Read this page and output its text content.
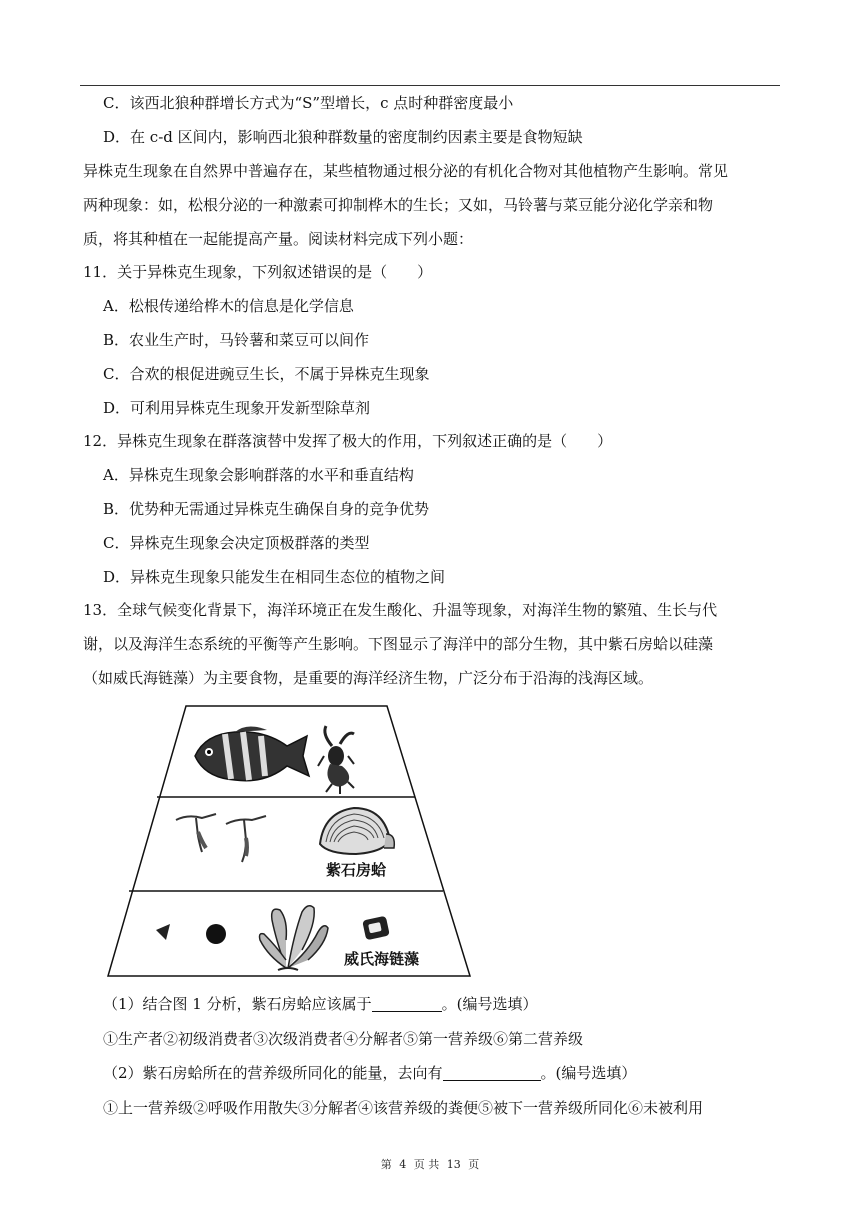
C．该西北狼种群增长方式为“S”型增长，c 点时种群密度最小
D．在 c-d 区间内，影响西北狼种群数量的密度制约因素主要是食物短缺
异株克生现象在自然界中普遍存在，某些植物通过根分泌的有机化合物对其他植物产生影响。常见
两种现象：如，松根分泌的一种激素可抑制桦木的生长；又如，马铃薯与菜豆能分泌化学亲和物
质，将其种植在一起能提高产量。阅读材料完成下列小题：
11．关于异株克生现象，下列叙述错误的是（　　）
A．松根传递给桦木的信息是化学信息
B．农业生产时，马铃薯和菜豆可以间作
C．合欢的根促进豌豆生长，不属于异株克生现象
D．可利用异株克生现象开发新型除草剂
12．异株克生现象在群落演替中发挥了极大的作用，下列叙述正确的是（　　）
A．异株克生现象会影响群落的水平和垂直结构
B．优势种无需通过异株克生确保自身的竞争优势
C．异株克生现象会决定顶极群落的类型
D．异株克生现象只能发生在相同生态位的植物之间
13．全球气候变化背景下，海洋环境正在发生酸化、升温等现象，对海洋生物的繁殖、生长与代
谢，以及海洋生态系统的平衡等产生影响。下图显示了海洋中的部分生物，其中紫石房蛤以硅藻
（如威氏海链藻）为主要食物，是重要的海洋经济生物，广泛分布于沿海的浅海区域。
紫石房蛤
威氏海链藻
（1）结合图 1 分析，紫石房蛤应该属于	。(编号选填）
①生产者②初级消费者③次级消费者④分解者⑤第一营养级⑥第二营养级
（2）紫石房蛤所在的营养级所同化的能量，去向有	。(编号选填）
①上一营养级②呼吸作用散失③分解者④该营养级的粪便⑤被下一营养级所同化⑥未被利用
第 4 页 共 13 页
